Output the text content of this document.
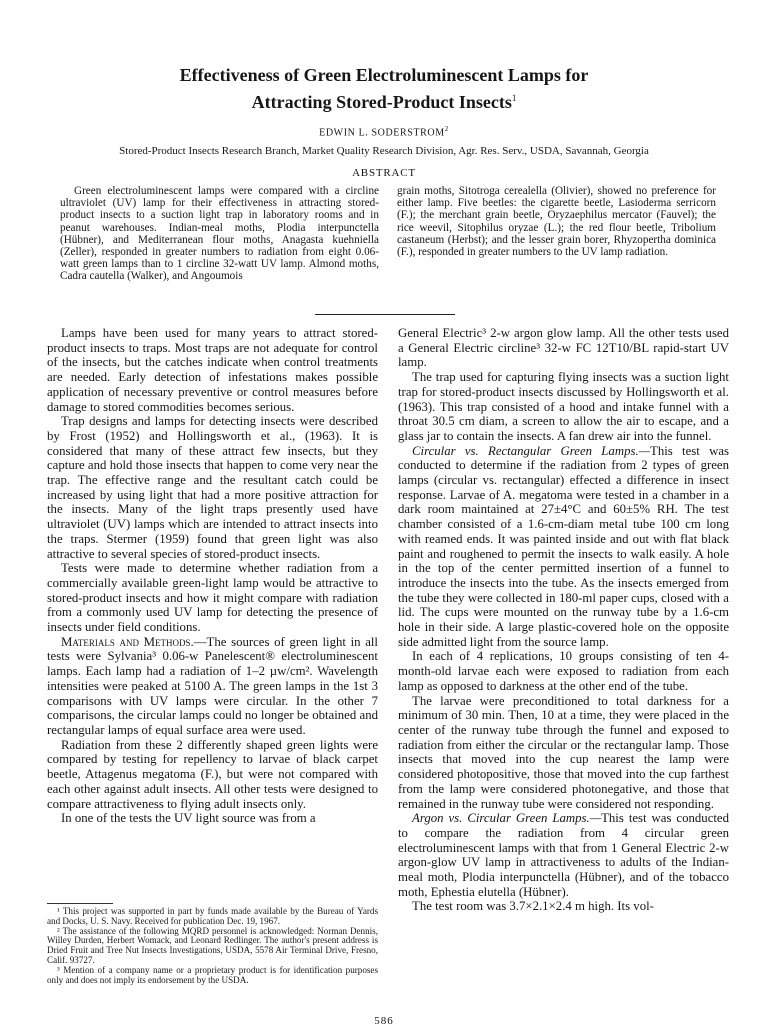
Effectiveness of Green Electroluminescent Lamps for
Attracting Stored-Product Insects$^1$
EDWIN L. SODERSTROM$^2$
Stored-Product Insects Research Branch, Market Quality Research Division, Agr. Res. Serv., USDA, Savannah, Georgia
ABSTRACT
Green electroluminescent lamps were compared with a circline ultraviolet (UV) lamp for their effectiveness in attracting stored-product insects to a suction light trap in laboratory rooms and in peanut warehouses. Indian-meal moths, Plodia interpunctella (Hübner), and Mediterranean flour moths, Anagasta kuehniella (Zeller), responded in greater numbers to radiation from eight 0.06-watt green lamps than to 1 circline 32-watt UV lamp. Almond moths, Cadra cautella (Walker), and Angoumois
grain moths, Sitotroga cerealella (Olivier), showed no preference for either lamp. Five beetles: the cigarette beetle, Lasioderma serricorn (F.); the merchant grain beetle, Oryzaephilus mercator (Fauvel); the rice weevil, Sitophilus oryzae (L.); the red flour beetle, Tribolium castaneum (Herbst); and the lesser grain borer, Rhyzopertha dominica (F.), responded in greater numbers to the UV lamp radiation.

Lamps have been used for many years to attract stored-product insects to traps. Most traps are not adequate for control of the insects, but the catches indicate when control treatments are needed. Early detection of infestations makes possible application of necessary preventive or control measures before damage to stored commodities becomes serious.

Trap designs and lamps for detecting insects were described by Frost (1952) and Hollingsworth et al., (1963). It is considered that many of these attract few insects, but they capture and hold those insects that happen to come very near the trap. The effective range and the resultant catch could be increased by using light that had a more positive attraction for the insects. Many of the light traps presently used have ultraviolet (UV) lamps which are intended to attract insects into the traps. Stermer (1959) found that green light was also attractive to several species of stored-product insects.

Tests were made to determine whether radiation from a commercially available green-light lamp would be attractive to stored-product insects and how it might compare with radiation from a commonly used UV lamp for detecting the presence of insects under field conditions.

Materials and Methods.—The sources of green light in all tests were Sylvania³ 0.06-w Panelescent® electroluminescent lamps. Each lamp had a radiation of 1–2 µw/cm². Wavelength intensities were peaked at 5100 A. The green lamps in the 1st 3 comparisons with UV lamps were circular. In the other 7 comparisons, the circular lamps could no longer be obtained and rectangular lamps of equal surface area were used.

Radiation from these 2 differently shaped green lights were compared by testing for repellency to larvae of black carpet beetle, Attagenus megatoma (F.), but were not compared with each other against adult insects. All other tests were designed to compare attractiveness to flying adult insects only.

In one of the tests the UV light source was from a

General Electric³ 2-w argon glow lamp. All the other tests used a General Electric circline³ 32-w FC 12T10/BL rapid-start UV lamp.

The trap used for capturing flying insects was a suction light trap for stored-product insects discussed by Hollingsworth et al. (1963). This trap consisted of a hood and intake funnel with a throat 30.5 cm diam, a screen to allow the air to escape, and a glass jar to contain the insects. A fan drew air into the funnel.

Circular vs. Rectangular Green Lamps.—This test was conducted to determine if the radiation from 2 types of green lamps (circular vs. rectangular) effected a difference in insect response. Larvae of A. megatoma were tested in a chamber in a dark room maintained at 27±4°C and 60±5% RH. The test chamber consisted of a 1.6-cm-diam metal tube 100 cm long with reamed ends. It was painted inside and out with flat black paint and roughened to permit the insects to walk easily. A hole in the top of the center permitted insertion of a funnel to introduce the insects into the tube. As the insects emerged from the tube they were collected in 180-ml paper cups, closed with a lid. The cups were mounted on the runway tube by a 1.6-cm hole in their side. A large plastic-covered hole on the opposite side admitted light from the source lamp.

In each of 4 replications, 10 groups consisting of ten 4-month-old larvae each were exposed to radiation from each lamp as opposed to darkness at the other end of the tube.

The larvae were preconditioned to total darkness for a minimum of 30 min. Then, 10 at a time, they were placed in the center of the runway tube through the funnel and exposed to radiation from either the circular or the rectangular lamp. Those insects that moved into the cup nearest the lamp were considered photopositive, those that moved into the cup farthest from the lamp were considered photonegative, and those that remained in the runway tube were considered not responding.

Argon vs. Circular Green Lamps.—This test was conducted to compare the radiation from 4 circular green electroluminescent lamps with that from 1 General Electric 2-w argon-glow UV lamp in attractiveness to adults of the Indian-meal moth, Plodia interpunctella (Hübner), and of the tobacco moth, Ephestia elutella (Hübner).

The test room was 3.7×2.1×2.4 m high. Its vol-

¹ This project was supported in part by funds made available by the Bureau of Yards and Docks, U. S. Navy. Received for publication Dec. 19, 1967.

² The assistance of the following MQRD personnel is acknowledged: Norman Dennis, Willey Durden, Herbert Womack, and Leonard Redlinger. The author's present address is Dried Fruit and Tree Nut Insects Investigations, USDA, 5578 Air Terminal Drive, Fresno, Calif. 93727.

³ Mention of a company name or a proprietary product is for identification purposes only and does not imply its endorsement by the USDA.

586
